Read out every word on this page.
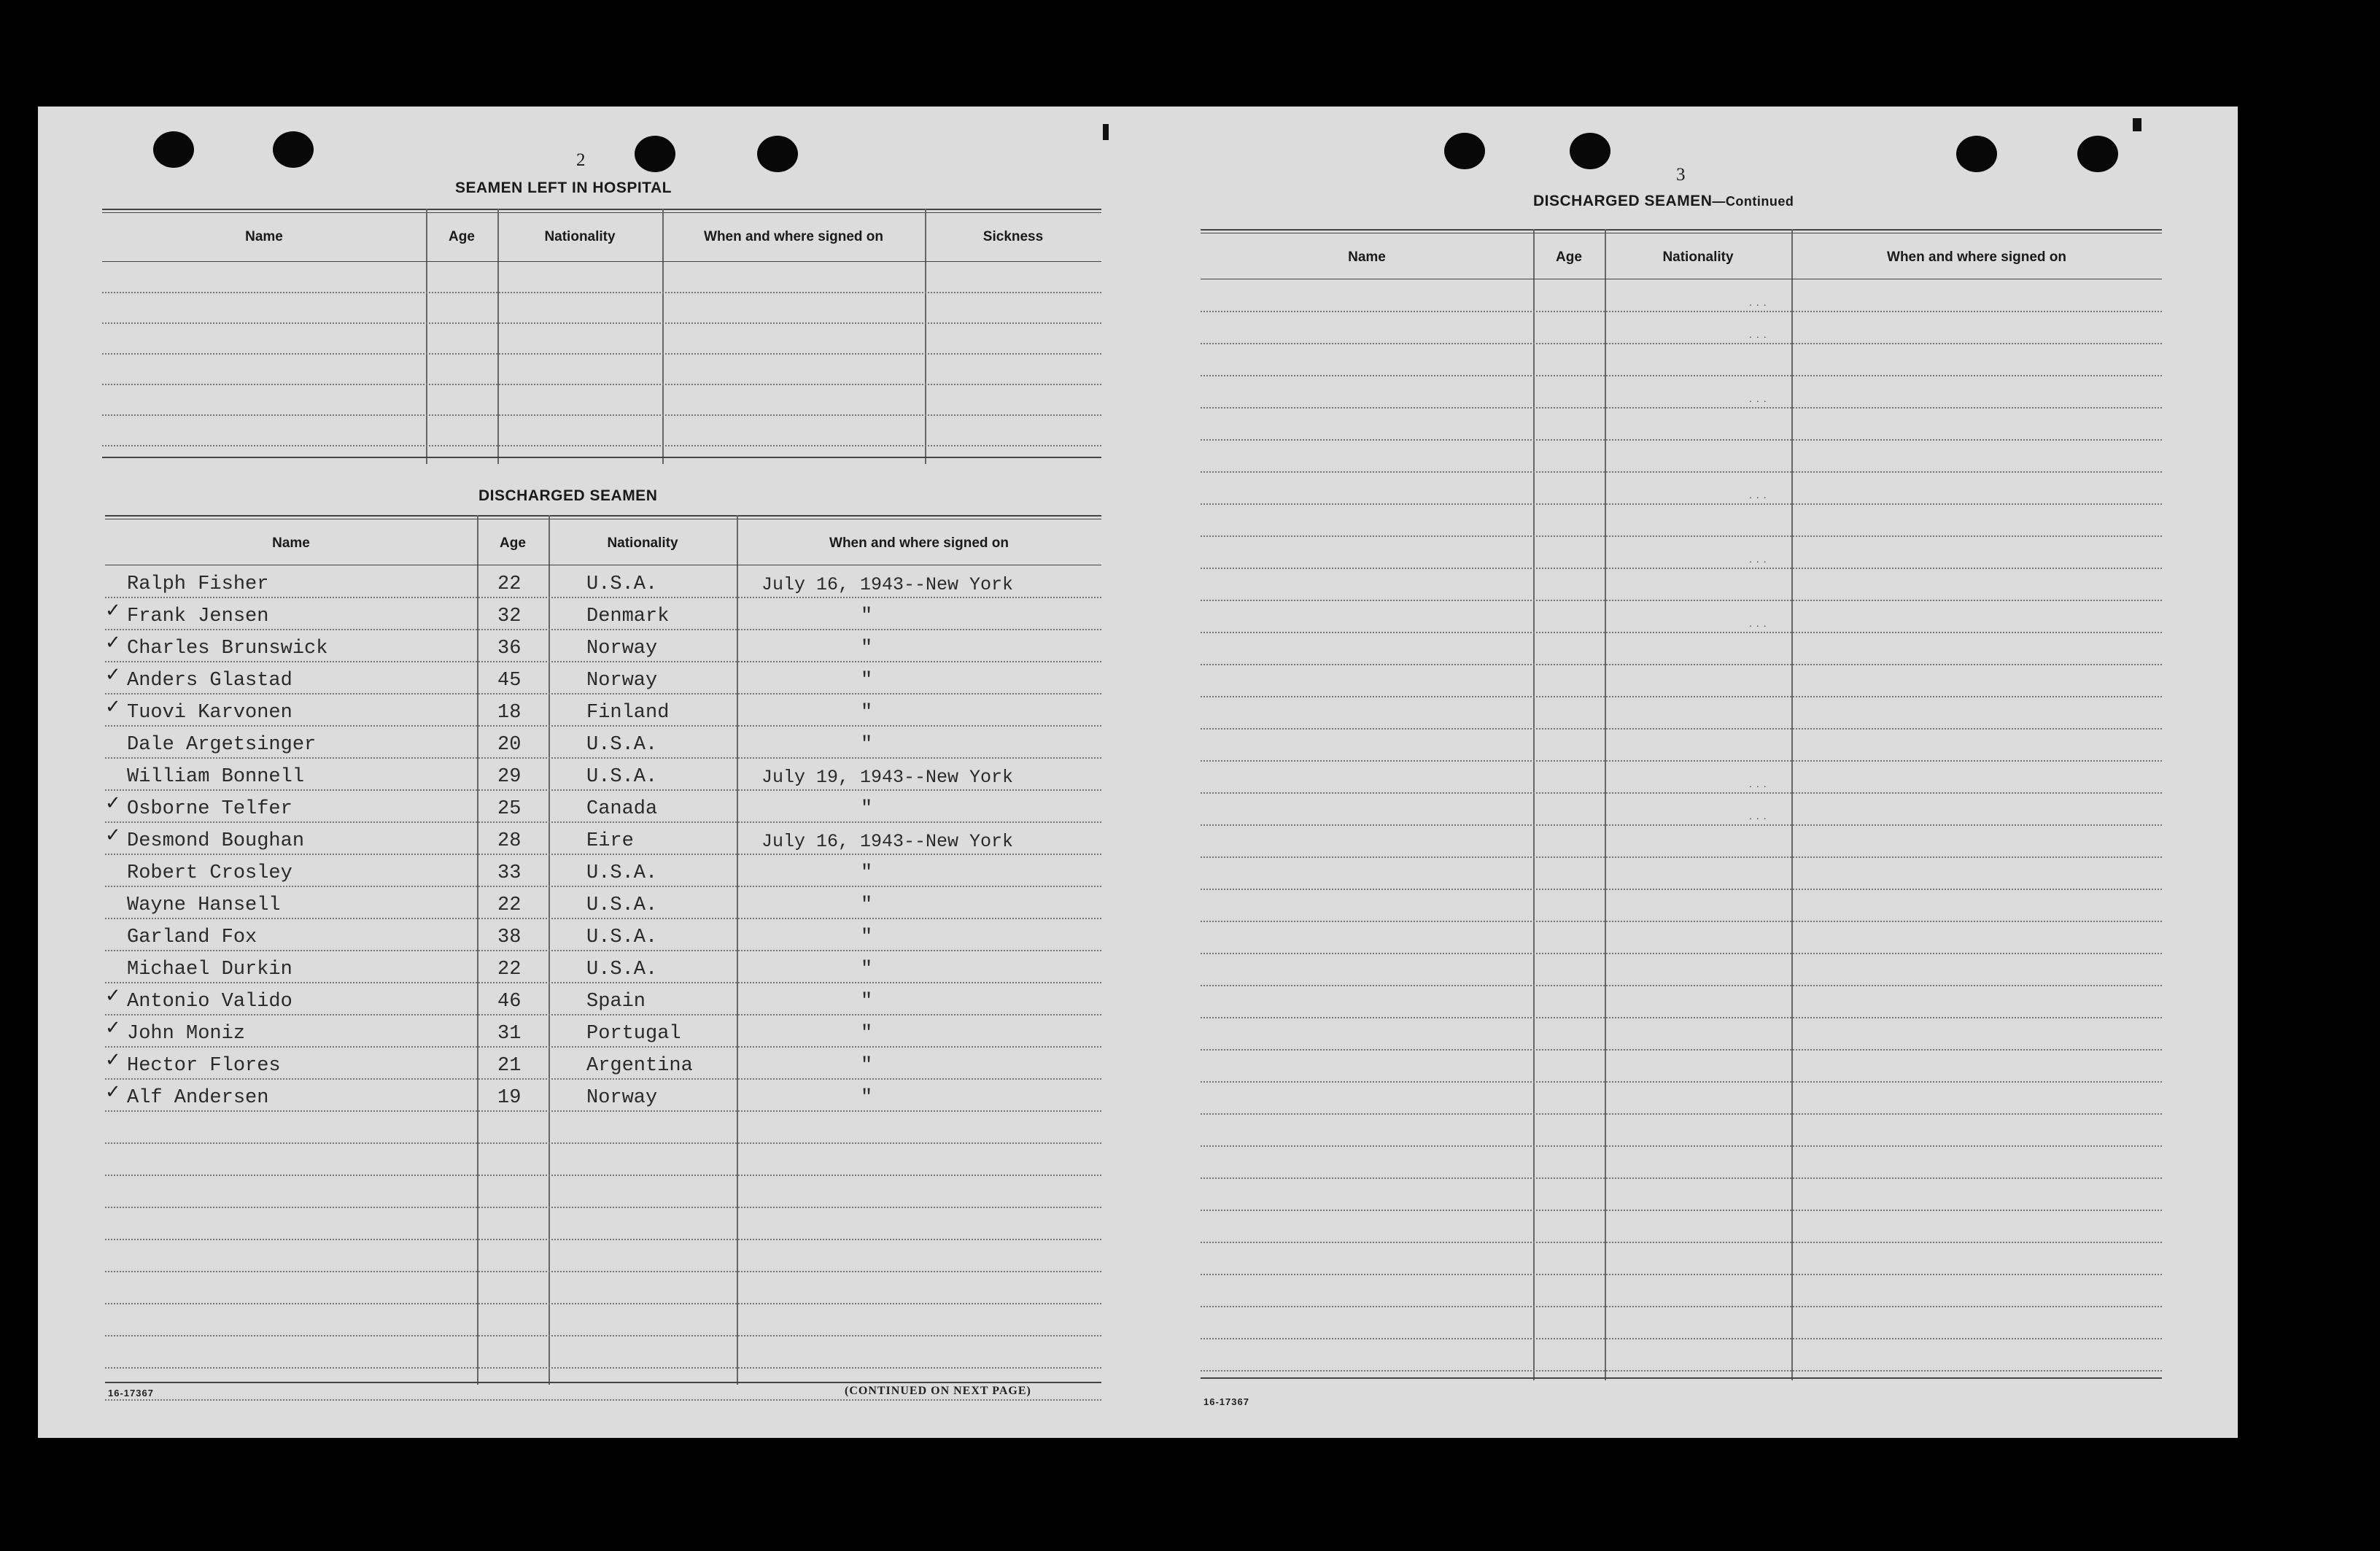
2
SEAMEN LEFT IN HOSPITAL
Name	Age	Nationality	When and where signed on	Sickness
DISCHARGED SEAMEN
Name	Age	Nationality	When and where signed on
Ralph Fisher	22	U.S.A.	July 16, 1943--New York
✓ Frank Jensen	32	Denmark	"
✓ Charles Brunswick	36	Norway	"
✓ Anders Glastad	45	Norway	"
✓ Tuovi Karvonen	18	Finland	"
Dale Argetsinger	20	U.S.A.	"
William Bonnell	29	U.S.A.	July 19, 1943--New York
✓ Osborne Telfer	25	Canada	"
✓ Desmond Boughan	28	Eire	July 16, 1943--New York
Robert Crosley	33	U.S.A.	"
Wayne Hansell	22	U.S.A.	"
Garland Fox	38	U.S.A.	"
Michael Durkin	22	U.S.A.	"
✓ Antonio Valido	46	Spain	"
✓ John Moniz	31	Portugal	"
✓ Hector Flores	21	Argentina	"
✓ Alf Andersen	19	Norway	"
16-17367	(CONTINUED ON NEXT PAGE)
3
DISCHARGED SEAMEN—Continued
Name	Age	Nationality	When and where signed on
...
...
...
...
...
...
...
...
16-17367
